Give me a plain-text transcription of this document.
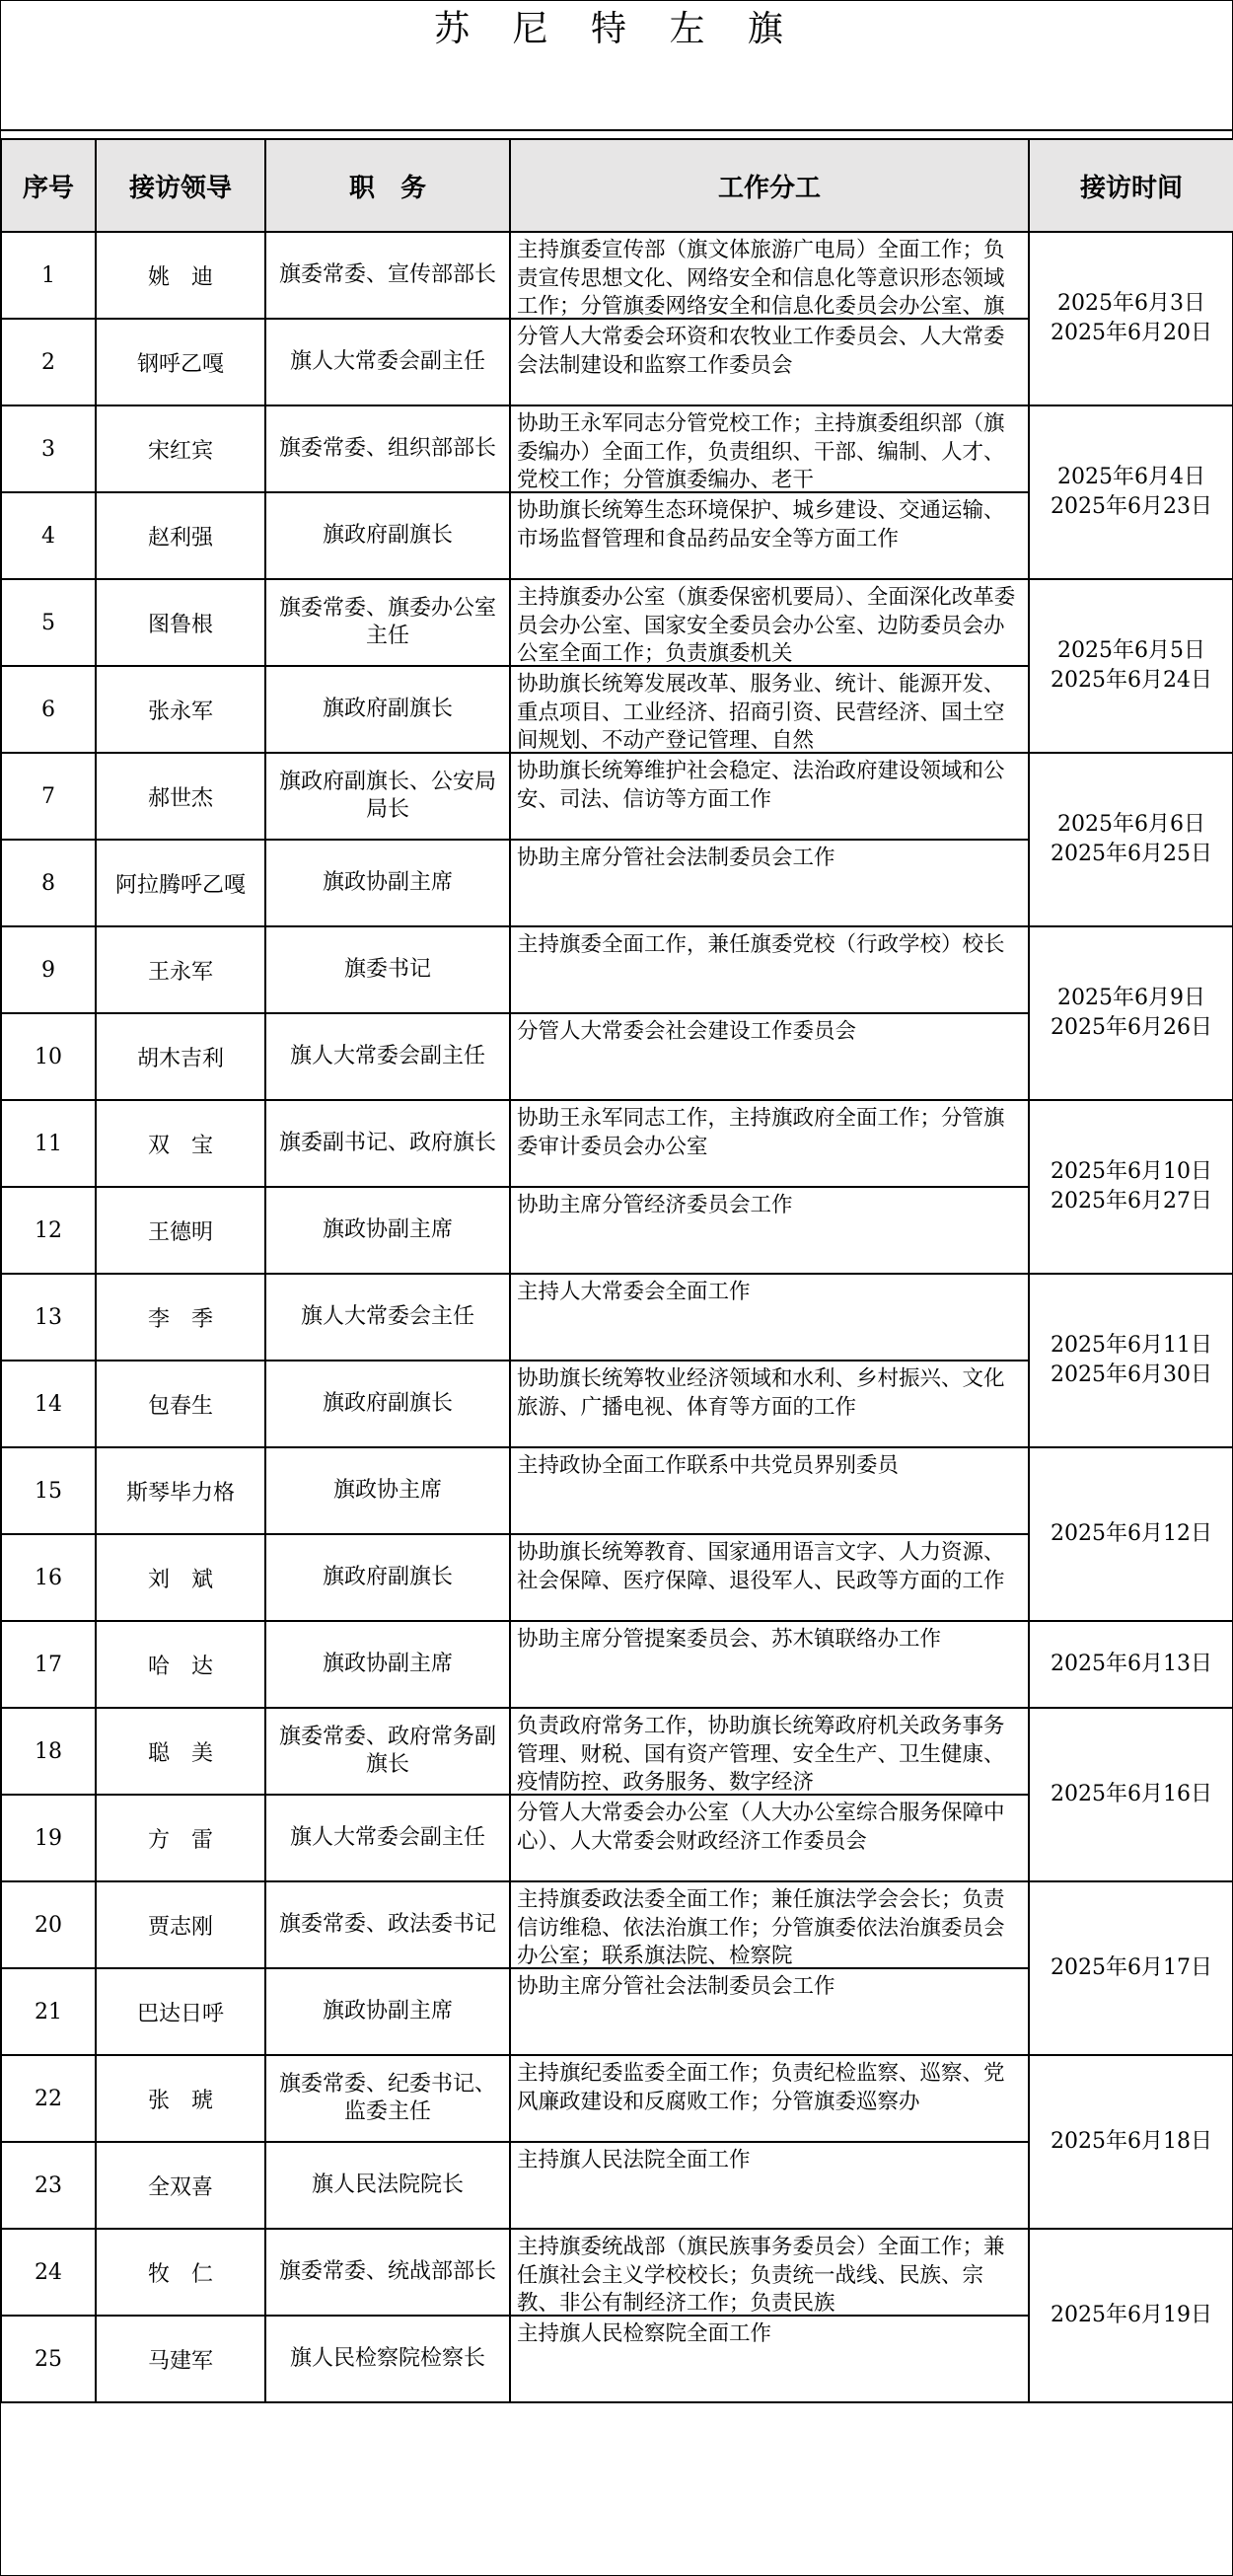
苏 尼 特 左 旗
序号	接访领导	职　务	工作分工	接访时间
1	姚　迪	旗委常委、宣传部部长	主持旗委宣传部（旗文体旅游广电局）全面工作；负责宣传思想文化、网络安全和信息化等意识形态领域工作；分管旗委网络安全和信息化委员会办公室、旗	2025年6月3日
2025年6月20日

2	钢呼乙嘎	旗人大常委会副主任	分管人大常委会环资和农牧业工作委员会、人大常委会法制建设和监察工作委员会	

3	宋红宾	旗委常委、组织部部长	协助王永军同志分管党校工作；主持旗委组织部（旗委编办）全面工作，负责组织、干部、编制、人才、党校工作；分管旗委编办、老干	2025年6月4日
2025年6月23日

4	赵利强	旗政府副旗长	协助旗长统筹生态环境保护、城乡建设、交通运输、市场监督管理和食品药品安全等方面工作	

5	图鲁根	旗委常委、旗委办公室主任	主持旗委办公室（旗委保密机要局）、全面深化改革委员会办公室、国家安全委员会办公室、边防委员会办公室全面工作；负责旗委机关	2025年6月5日
2025年6月24日

6	张永军	旗政府副旗长	协助旗长统筹发展改革、服务业、统计、能源开发、重点项目、工业经济、招商引资、民营经济、国土空间规划、不动产登记管理、自然	

7	郝世杰	旗政府副旗长、公安局局长	协助旗长统筹维护社会稳定、法治政府建设领域和公安、司法、信访等方面工作	2025年6月6日
2025年6月25日

8	阿拉腾呼乙嘎	旗政协副主席	协助主席分管社会法制委员会工作	

9	王永军	旗委书记	主持旗委全面工作，兼任旗委党校（行政学校）校长	2025年6月9日
2025年6月26日

10	胡木吉利	旗人大常委会副主任	分管人大常委会社会建设工作委员会	

11	双　宝	旗委副书记、政府旗长	协助王永军同志工作，主持旗政府全面工作；分管旗委审计委员会办公室	2025年6月10日
2025年6月27日

12	王德明	旗政协副主席	协助主席分管经济委员会工作	

13	李　季	旗人大常委会主任	主持人大常委会全面工作	2025年6月11日
2025年6月30日

14	包春生	旗政府副旗长	协助旗长统筹牧业经济领域和水利、乡村振兴、文化旅游、广播电视、体育等方面的工作	

15	斯琴毕力格	旗政协主席	主持政协全面工作联系中共党员界别委员	2025年6月12日

16	刘　斌	旗政府副旗长	协助旗长统筹教育、国家通用语言文字、人力资源、社会保障、医疗保障、退役军人、民政等方面的工作	

17	哈　达	旗政协副主席	协助主席分管提案委员会、苏木镇联络办工作	2025年6月13日

18	聪　美	旗委常委、政府常务副旗长	负责政府常务工作，协助旗长统筹政府机关政务事务管理、财税、国有资产管理、安全生产、卫生健康、疫情防控、政务服务、数字经济	2025年6月16日

19	方　雷	旗人大常委会副主任	分管人大常委会办公室（人大办公室综合服务保障中心）、人大常委会财政经济工作委员会	

20	贾志刚	旗委常委、政法委书记	主持旗委政法委全面工作；兼任旗法学会会长；负责信访维稳、依法治旗工作；分管旗委依法治旗委员会办公室；联系旗法院、检察院	2025年6月17日

21	巴达日呼	旗政协副主席	协助主席分管社会法制委员会工作	

22	张　琥	旗委常委、纪委书记、监委主任	主持旗纪委监委全面工作；负责纪检监察、巡察、党风廉政建设和反腐败工作；分管旗委巡察办	2025年6月18日

23	全双喜	旗人民法院院长	主持旗人民法院全面工作	

24	牧　仁	旗委常委、统战部部长	主持旗委统战部（旗民族事务委员会）全面工作；兼任旗社会主义学校校长；负责统一战线、民族、宗教、非公有制经济工作；负责民族	2025年6月19日

25	马建军	旗人民检察院检察长	主持旗人民检察院全面工作	
